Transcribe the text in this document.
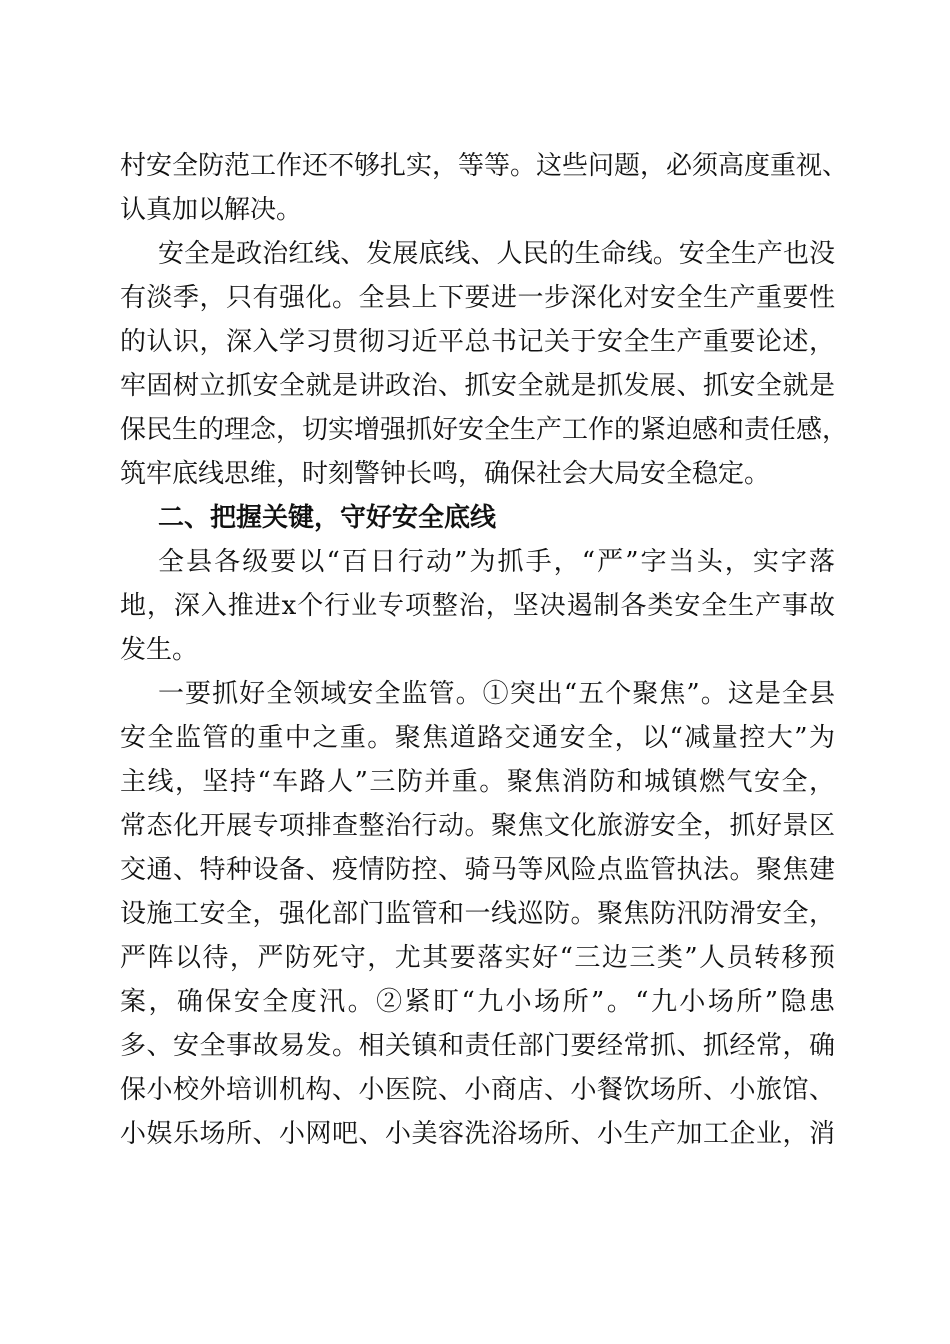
村安全防范工作还不够扎实，等等。这些问题，必须高度重视、
认真加以解决。
安全是政治红线、发展底线、人民的生命线。安全生产也没
有淡季，只有强化。全县上下要进一步深化对安全生产重要性
的认识，深入学习贯彻习近平总书记关于安全生产重要论述，
牢固树立抓安全就是讲政治、抓安全就是抓发展、抓安全就是
保民生的理念，切实增强抓好安全生产工作的紧迫感和责任感，
筑牢底线思维，时刻警钟长鸣，确保社会大局安全稳定。
二、把握关键，守好安全底线
全县各级要以“百日行动”为抓手，“严”字当头，实字落
地，深入推进x个行业专项整治，坚决遏制各类安全生产事故
发生。
一要抓好全领域安全监管。①突出“五个聚焦”。这是全县
安全监管的重中之重。聚焦道路交通安全，以“减量控大”为
主线，坚持“车路人”三防并重。聚焦消防和城镇燃气安全，
常态化开展专项排查整治行动。聚焦文化旅游安全，抓好景区
交通、特种设备、疫情防控、骑马等风险点监管执法。聚焦建
设施工安全，强化部门监管和一线巡防。聚焦防汛防滑安全，
严阵以待，严防死守，尤其要落实好“三边三类”人员转移预
案，确保安全度汛。②紧盯“九小场所”。“九小场所”隐患
多、安全事故易发。相关镇和责任部门要经常抓、抓经常，确
保小校外培训机构、小医院、小商店、小餐饮场所、小旅馆、
小娱乐场所、小网吧、小美容洗浴场所、小生产加工企业，消
